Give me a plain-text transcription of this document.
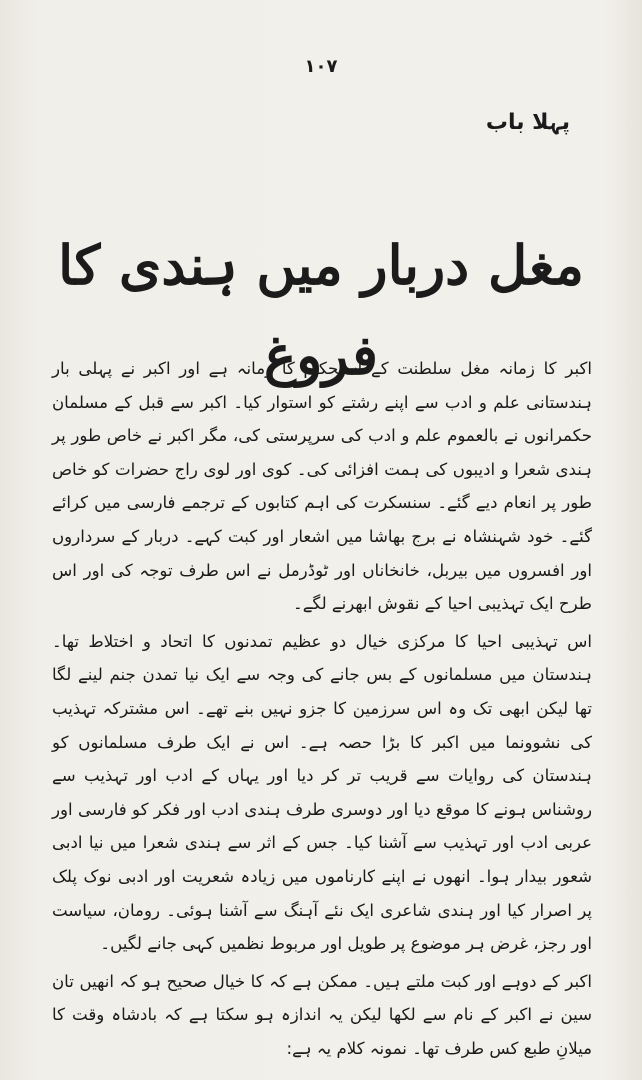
١٠٧
پہلا باب
مغل دربار میں ہندی کا فروغ

اکبر کا زمانہ مغل سلطنت کے استحکام کا زمانہ ہے اور اکبر نے پہلی بار ہندستانی علم و ادب سے اپنے رشتے کو استوار کیا۔ اکبر سے قبل کے مسلمان حکمرانوں نے بالعموم علم و ادب کی سرپرستی کی، مگر اکبر نے خاص طور پر ہندی شعرا و ادیبوں کی ہمت افزائی کی۔ کوی اور لوی راج حضرات کو خاص طور پر انعام دیے گئے۔ سنسکرت کی اہم کتابوں کے ترجمے فارسی میں کرائے گئے۔ خود شہنشاہ نے برج بھاشا میں اشعار اور کبت کہے۔ دربار کے سرداروں اور افسروں میں بیربل، خانخاناں اور ٹوڈرمل نے اس طرف توجہ کی اور اس طرح ایک تہذیبی احیا کے نقوش ابھرنے لگے۔

اس تہذیبی احیا کا مرکزی خیال دو عظیم تمدنوں کا اتحاد و اختلاط تھا۔ ہندستان میں مسلمانوں کے بس جانے کی وجہ سے ایک نیا تمدن جنم لینے لگا تھا لیکن ابھی تک وہ اس سرزمین کا جزو نہیں بنے تھے۔ اس مشترکہ تہذیب کی نشوونما میں اکبر کا بڑا حصہ ہے۔ اس نے ایک طرف مسلمانوں کو ہندستان کی روایات سے قریب تر کر دیا اور یہاں کے ادب اور تہذیب سے روشناس ہونے کا موقع دیا اور دوسری طرف ہندی ادب اور فکر کو فارسی اور عربی ادب اور تہذیب سے آشنا کیا۔ جس کے اثر سے ہندی شعرا میں نیا ادبی شعور بیدار ہوا۔ انھوں نے اپنے کارناموں میں زیادہ شعریت اور ادبی نوک پلک پر اصرار کیا اور ہندی شاعری ایک نئے آہنگ سے آشنا ہوئی۔ رومان، سیاست اور رجز، غرض ہر موضوع پر طویل اور مربوط نظمیں کہی جانے لگیں۔

اکبر کے دوہے اور کبت ملتے ہیں۔ ممکن ہے کہ کا خیال صحیح ہو کہ انھیں تان سین نے اکبر کے نام سے لکھا لیکن یہ اندازہ ہو سکتا ہے کہ بادشاہ وقت کا میلانِ طبع کس طرف تھا۔ نمونہ کلام یہ ہے:
